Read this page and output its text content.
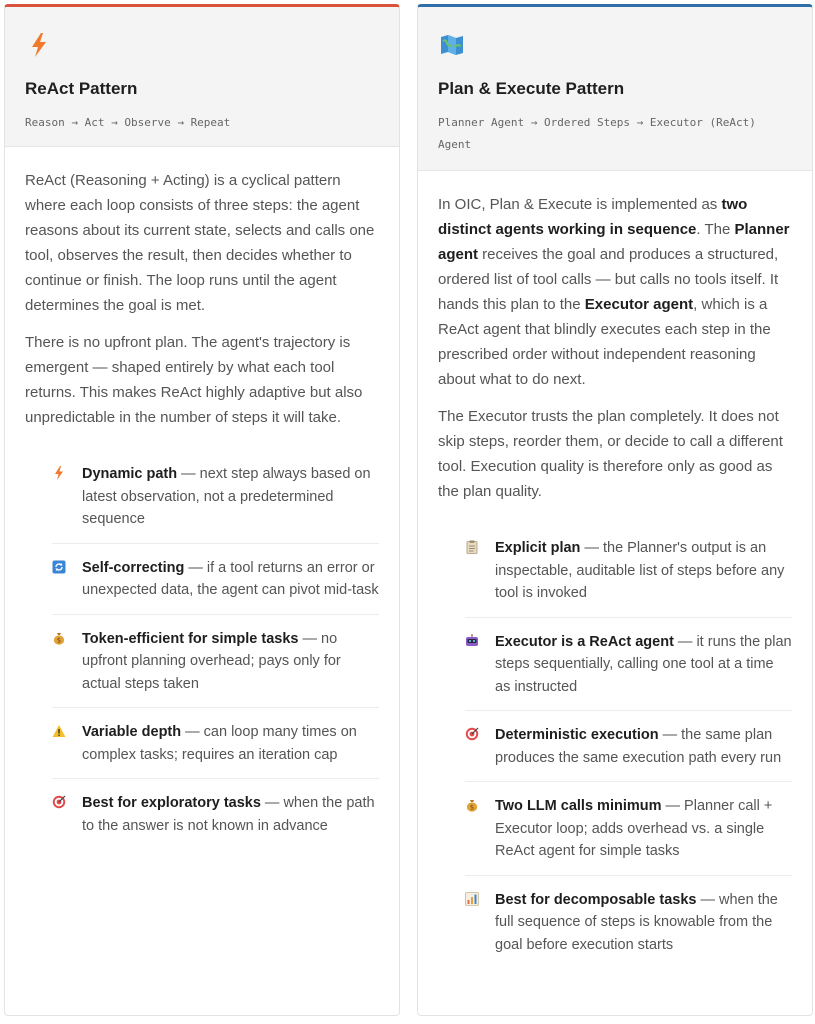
ReAct Pattern
Reason → Act → Observe → Repeat

ReAct (Reasoning + Acting) is a cyclical pattern where each loop consists of three steps: the agent reasons about its current state, selects and calls one tool, observes the result, then decides whether to continue or finish. The loop runs until the agent determines the goal is met.

There is no upfront plan. The agent's trajectory is emergent — shaped entirely by what each tool returns. This makes ReAct highly adaptive but also unpredictable in the number of steps it will take.

Dynamic path — next step always based on latest observation, not a predetermined sequence
Self-correcting — if a tool returns an error or unexpected data, the agent can pivot mid-task
$ Token-efficient for simple tasks — no upfront planning overhead; pays only for actual steps taken
Variable depth — can loop many times on complex tasks; requires an iteration cap
Best for exploratory tasks — when the path to the answer is not known in advance
Plan & Execute Pattern
Planner Agent → Ordered Steps → Executor (ReAct) Agent

In OIC, Plan & Execute is implemented as two distinct agents working in sequence. The Planner agent receives the goal and produces a structured, ordered list of tool calls — but calls no tools itself. It hands this plan to the Executor agent, which is a ReAct agent that blindly executes each step in the prescribed order without independent reasoning about what to do next.

The Executor trusts the plan completely. It does not skip steps, reorder them, or decide to call a different tool. Execution quality is therefore only as good as the plan quality.

Explicit plan — the Planner's output is an inspectable, auditable list of steps before any tool is invoked
Executor is a ReAct agent — it runs the plan steps sequentially, calling one tool at a time as instructed
Deterministic execution — the same plan produces the same execution path every run
$ Two LLM calls minimum — Planner call + Executor loop; adds overhead vs. a single ReAct agent for simple tasks
Best for decomposable tasks — when the full sequence of steps is knowable from the goal before execution starts
